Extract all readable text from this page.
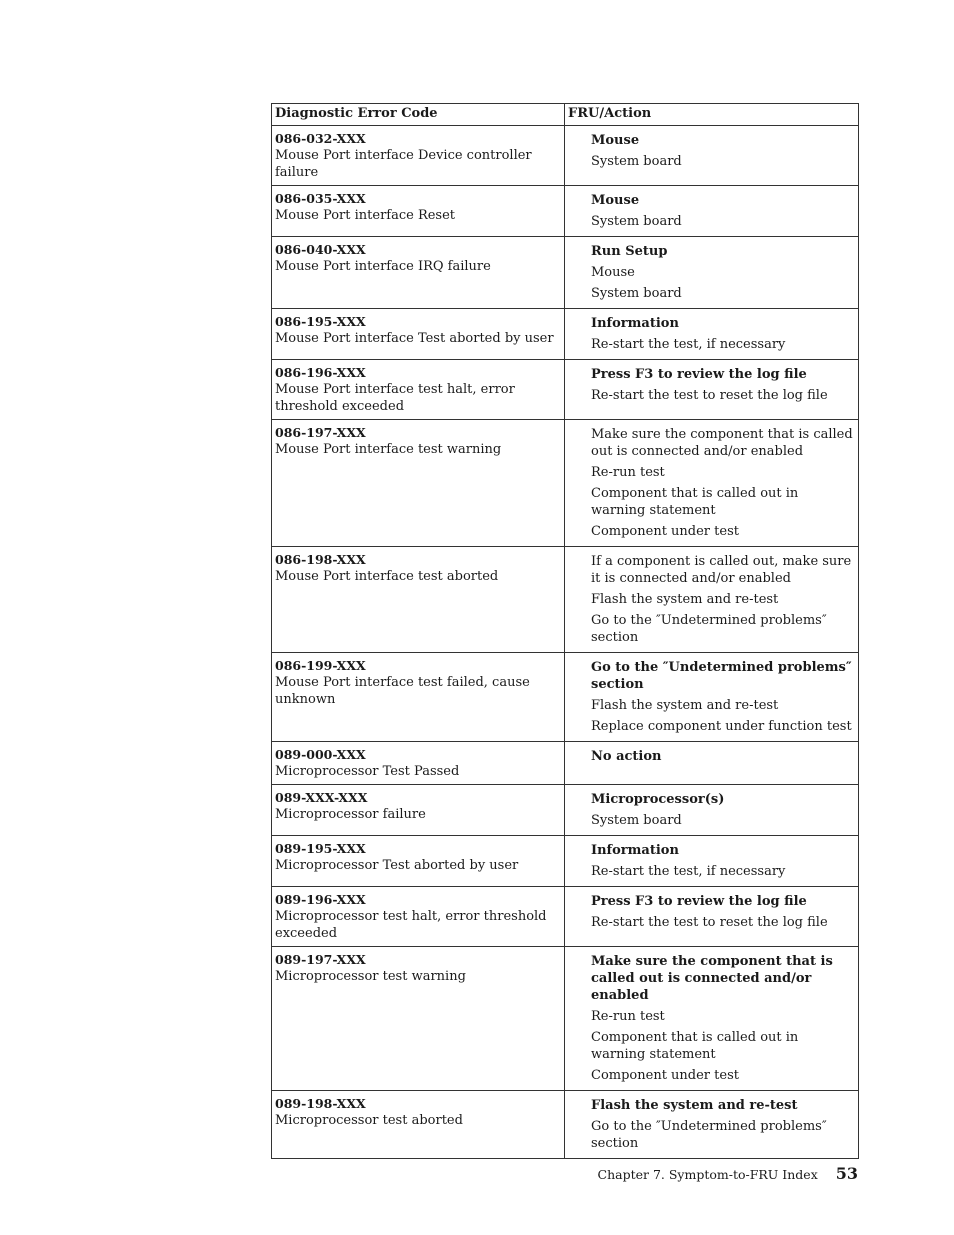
Diagnostic Error Code	FRU/Action

086-032-XXX
Mouse Port interface Device controller failure	Mouse
System board

086-035-XXX
Mouse Port interface Reset	Mouse
System board

086-040-XXX
Mouse Port interface IRQ failure	Run Setup
Mouse
System board

086-195-XXX
Mouse Port interface Test aborted by user	Information
Re-start the test, if necessary

086-196-XXX
Mouse Port interface test halt, error threshold exceeded	Press F3 to review the log file
Re-start the test to reset the log file

086-197-XXX
Mouse Port interface test warning	Make sure the component that is called out is connected and/or enabled
Re-run test
Component that is called out in warning statement
Component under test

086-198-XXX
Mouse Port interface test aborted	If a component is called out, make sure it is connected and/or enabled
Flash the system and re-test
Go to the ″Undetermined problems″ section

086-199-XXX
Mouse Port interface test failed, cause unknown	Go to the ″Undetermined problems″ section
Flash the system and re-test
Replace component under function test

089-000-XXX
Microprocessor Test Passed	No action

089-XXX-XXX
Microprocessor failure	Microprocessor(s)
System board

089-195-XXX
Microprocessor Test aborted by user	Information
Re-start the test, if necessary

089-196-XXX
Microprocessor test halt, error threshold exceeded	Press F3 to review the log file
Re-start the test to reset the log file

089-197-XXX
Microprocessor test warning	Make sure the component that is called out is connected and/or enabled
Re-run test
Component that is called out in warning statement
Component under test

089-198-XXX
Microprocessor test aborted	Flash the system and re-test
Go to the ″Undetermined problems″ section
Chapter 7. Symptom-to-FRU Index 53
